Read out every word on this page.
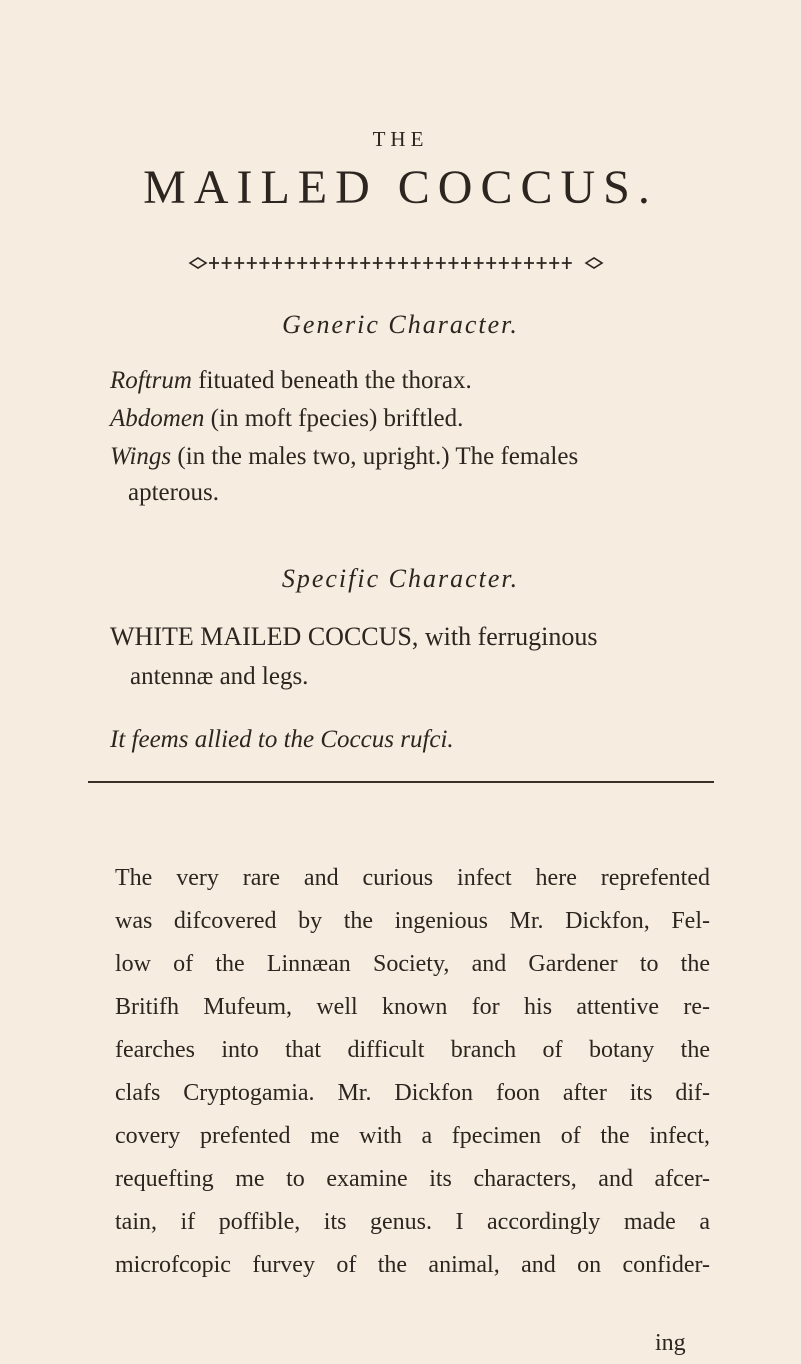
THE
MAILED COCCUS.
Generic Character.
Roftrum fituated beneath the thorax.
Abdomen (in moft fpecies) briftled.
Wings (in the males two, upright.) The females
apterous.
Specific Character.
WHITE MAILED COCCUS, with ferruginous
antennæ and legs.
It feems allied to the Coccus rufci.
The very rare and curious infect here reprefented
was difcovered by the ingenious Mr. Dickfon, Fel-
low of the Linnæan Society, and Gardener to the
Britifh Mufeum, well known for his attentive re-
fearches into that difficult branch of botany the
clafs Cryptogamia. Mr. Dickfon foon after its dif-
covery prefented me with a fpecimen of the infect,
requefting me to examine its characters, and afcer-
tain, if poffible, its genus. I accordingly made a
microfcopic furvey of the animal, and on confider-
ing
